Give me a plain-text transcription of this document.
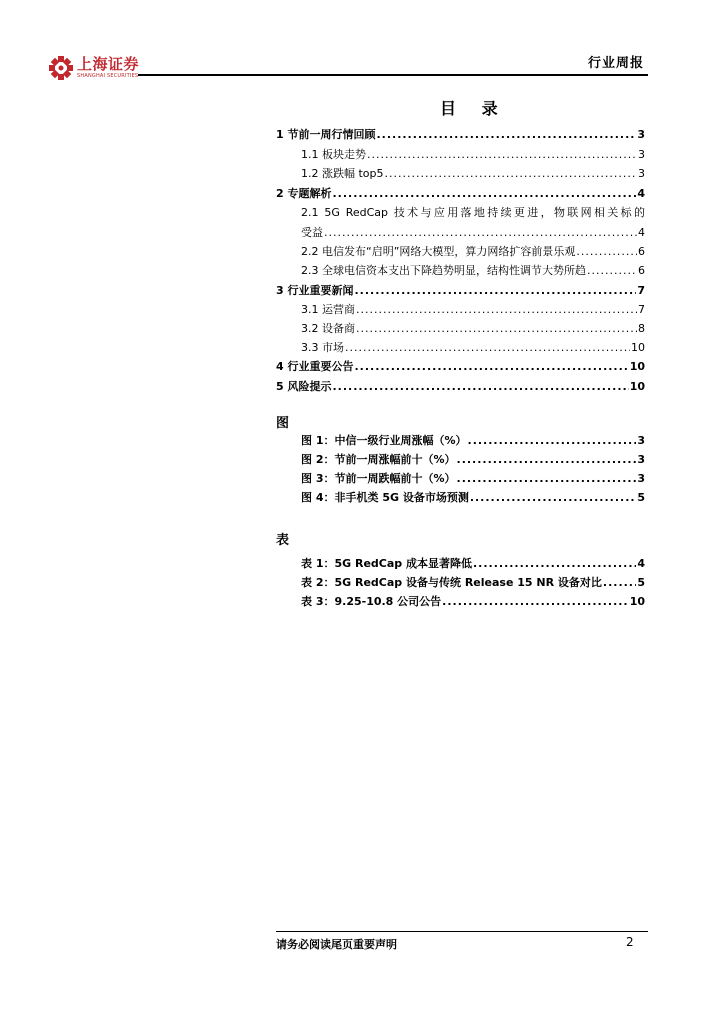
上海证券
SHANGHAI SECURITIES
行业周报
目 录
1 节前一周行情回顾 .....	3
1.1 板块走势 .....	3
1.2 涨跌幅 top5 .....	3
2 专题解析 .....	4
2.1 5G RedCap 技术与应用落地持续更进，物联网相关标的
受益 .....	4
2.2 电信发布“启明”网络大模型，算力网络扩容前景乐观 .....	6
2.3 全球电信资本支出下降趋势明显，结构性调节大势所趋 .....	6
3 行业重要新闻 .....	7
3.1 运营商 .....	7
3.2 设备商 .....	8
3.3 市场 .....	10
4 行业重要公告 .....	10
5 风险提示 .....	10
图
图 1：中信一级行业周涨幅（%） .....	3
图 2：节前一周涨幅前十（%） .....	3
图 3：节前一周跌幅前十（%） .....	3
图 4：非手机类 5G 设备市场预测 .....	5
表
表 1：5G RedCap 成本显著降低 .....	4
表 2：5G RedCap 设备与传统 Release 15 NR 设备对比 .....	5
表 3：9.25-10.8 公司公告 .....	10
请务必阅读尾页重要声明	2
